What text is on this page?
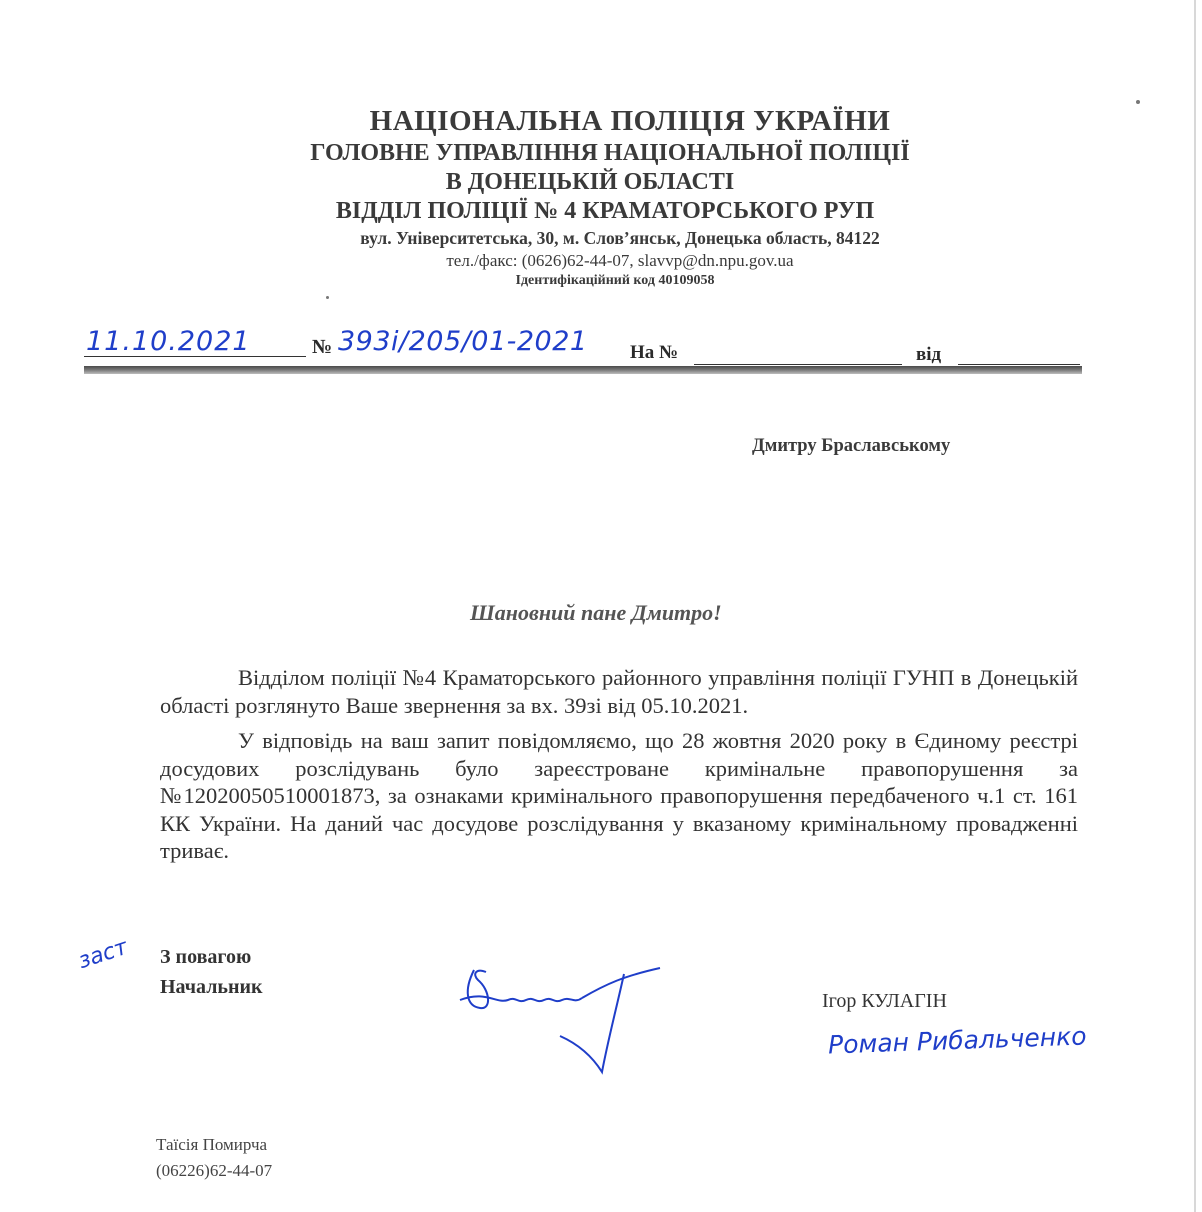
НАЦІОНАЛЬНА ПОЛІЦІЯ УКРАЇНИ
ГОЛОВНЕ УПРАВЛІННЯ НАЦІОНАЛЬНОЇ ПОЛІЦІЇ
В ДОНЕЦЬКІЙ ОБЛАСТІ
ВІДДІЛ ПОЛІЦІЇ № 4 КРАМАТОРСЬКОГО РУП
вул. Університетська, 30, м. Слов’янськ, Донецька область, 84122
тел./факс: (0626)62-44-07, slavvp@dn.npu.gov.ua
Ідентифікаційний код 40109058
11.10.2021	№ 393і/205/01-2021 На №	від
Дмитру Браславському
Шановний пане Дмитро!

Відділом поліції №4 Краматорського районного управління поліції ГУНП в Донецькій області розглянуто Ваше звернення за вх. 39зі від 05.10.2021.

У відповідь на ваш запит повідомляємо, що 28 жовтня 2020 року в Єдиному реєстрі досудових розслідувань було зареєстроване кримінальне правопорушення за №12020050510001873, за ознаками кримінального правопорушення передбаченого ч.1 ст. 161 КК України. На даний час досудове розслідування у вказаному кримінальному провадженні триває.

заст З повагою
Начальник
Ігор КУЛАГІН
Роман Рибальченко
Таїсія Помирча
(06226)62-44-07
